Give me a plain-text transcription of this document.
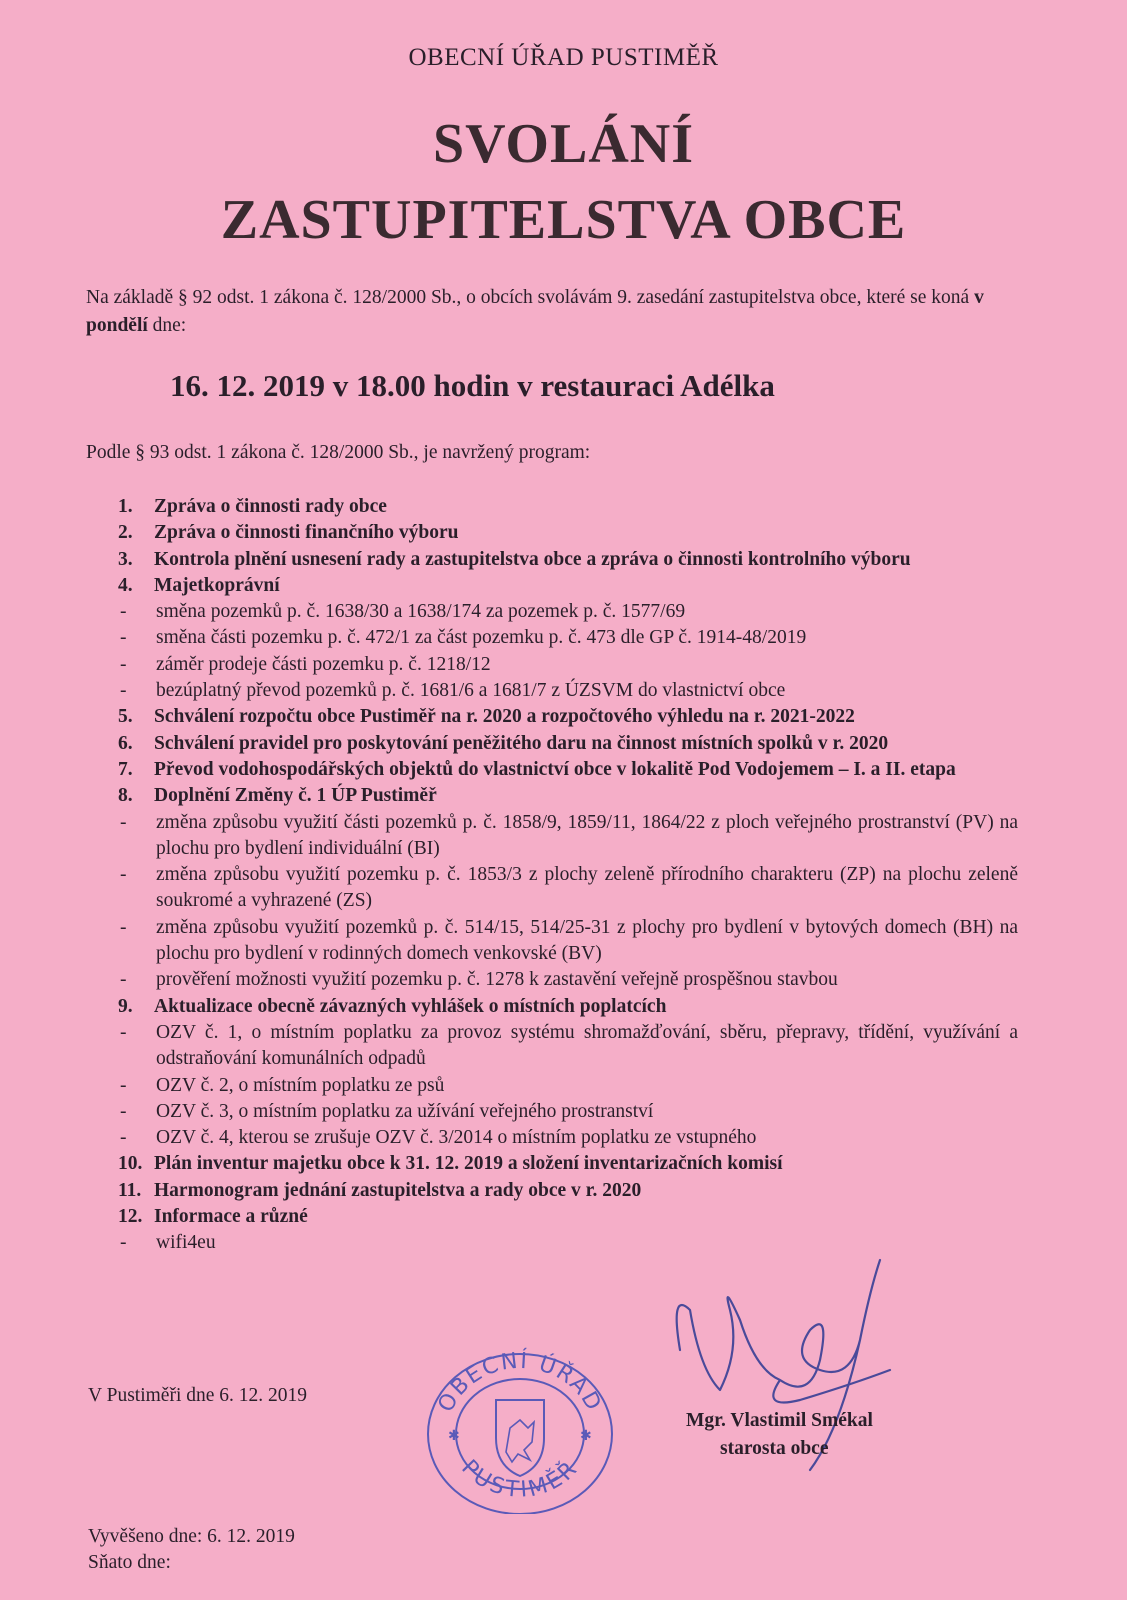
OBECNÍ ÚŘAD PUSTIMĚŘ
SVOLÁNÍ
ZASTUPITELSTVA OBCE
Na základě § 92 odst. 1 zákona č. 128/2000 Sb., o obcích svolávám 9. zasedání zastupitelstva obce, které se koná v pondělí dne:
16. 12. 2019 v 18.00 hodin v restauraci Adélka
Podle § 93 odst. 1 zákona č. 128/2000 Sb., je navržený program:
1.	Zpráva o činnosti rady obce
2.	Zpráva o činnosti finančního výboru
3.	Kontrola plnění usnesení rady a zastupitelstva obce a zpráva o činnosti kontrolního výboru
4.	Majetkoprávní
-	směna pozemků p. č. 1638/30 a 1638/174 za pozemek p. č. 1577/69
-	směna části pozemku p. č. 472/1 za část pozemku p. č. 473 dle GP č. 1914-48/2019
-	záměr prodeje části pozemku p. č. 1218/12
-	bezúplatný převod pozemků p. č. 1681/6 a 1681/7 z ÚZSVM do vlastnictví obce
5.	Schválení rozpočtu obce Pustiměř na r. 2020 a rozpočtového výhledu na r. 2021-2022
6.	Schválení pravidel pro poskytování peněžitého daru na činnost místních spolků v r. 2020
7.	Převod vodohospodářských objektů do vlastnictví obce v lokalitě Pod Vodojemem – I. a II. etapa
8.	Doplnění Změny č. 1 ÚP Pustiměř
-	změna způsobu využití části pozemků p. č. 1858/9, 1859/11, 1864/22 z ploch veřejného prostranství (PV) na plochu pro bydlení individuální (BI)
-	změna způsobu využití pozemku p. č. 1853/3 z plochy zeleně přírodního charakteru (ZP) na plochu zeleně soukromé a vyhrazené (ZS)
-	změna způsobu využití pozemků p. č. 514/15, 514/25-31 z plochy pro bydlení v bytových domech (BH) na plochu pro bydlení v rodinných domech venkovské (BV)
-	prověření možnosti využití pozemku p. č. 1278 k zastavění veřejně prospěšnou stavbou
9.	Aktualizace obecně závazných vyhlášek o místních poplatcích
-	OZV č. 1, o místním poplatku za provoz systému shromažďování, sběru, přepravy, třídění, využívání a odstraňování komunálních odpadů
-	OZV č. 2, o místním poplatku ze psů
-	OZV č. 3, o místním poplatku za užívání veřejného prostranství
-	OZV č. 4, kterou se zrušuje OZV č. 3/2014 o místním poplatku ze vstupného
10. Plán inventur majetku obce k 31. 12. 2019 a složení inventarizačních komisí
11. Harmonogram jednání zastupitelstva a rady obce v r. 2020
12. Informace a různé
-	wifi4eu
V Pustiměři dne 6. 12. 2019
✱	✱
OBECNÍ ÚŘAD
PUSTIMĚŘ
Mgr. Vlastimil Smékal
starosta obce
Vyvěšeno dne: 6. 12. 2019
Sňato dne:
